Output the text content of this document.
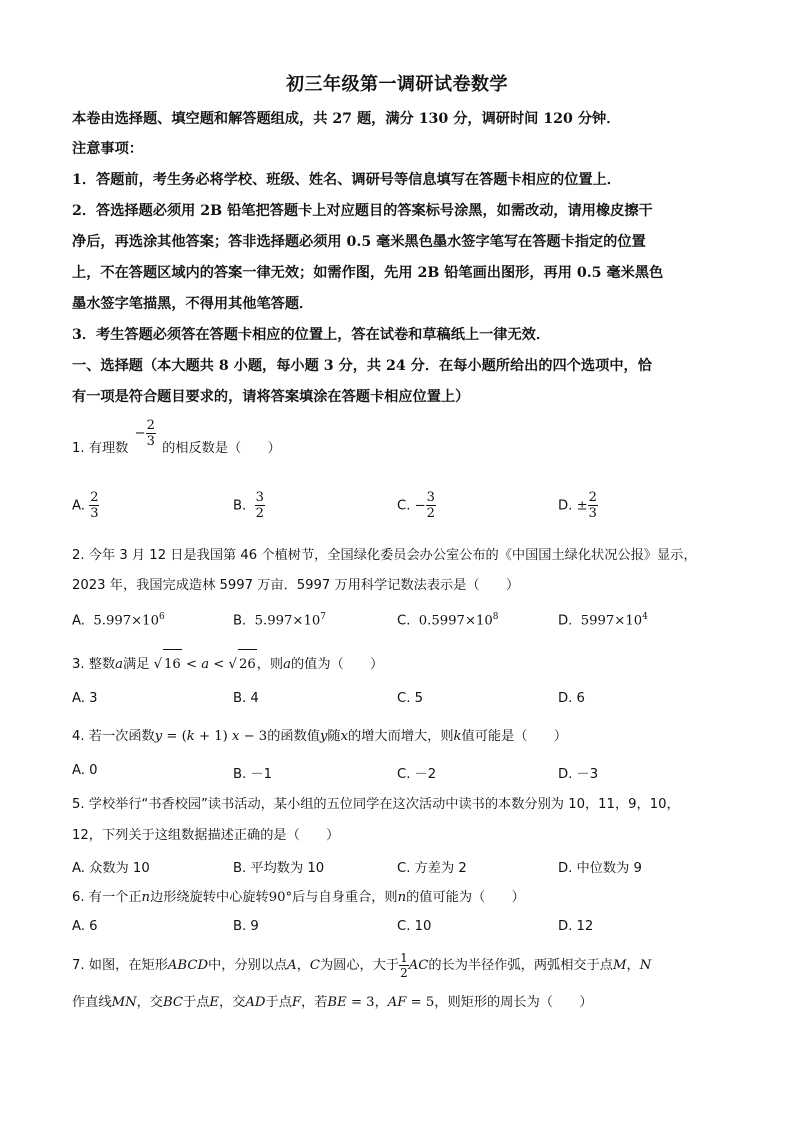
初三年级第一调研试卷数学
本卷由选择题、填空题和解答题组成，共 27 题，满分 130 分，调研时间 120 分钟．
注意事项：
1．答题前，考生务必将学校、班级、姓名、调研号等信息填写在答题卡相应的位置上．
2．答选择题必须用 2B 铅笔把答题卡上对应题目的答案标号涂黑，如需改动，请用橡皮擦干
净后，再选涂其他答案；答非选择题必须用 0.5 毫米黑色墨水签字笔写在答题卡指定的位置
上，不在答题区域内的答案一律无效；如需作图，先用 2B 铅笔画出图形，再用 0.5 毫米黑色
墨水签字笔描黑，不得用其他笔答题．
3．考生答题必须答在答题卡相应的位置上，答在试卷和草稿纸上一律无效．
一、选择题（本大题共 8 小题，每小题 3 分，共 24 分．在每小题所给出的四个选项中，恰
有一项是符合题目要求的，请将答案填涂在答题卡相应位置上）
1. 有理数 − $\frac{2}{3}$ 的相反数是（　　）
A. $\frac{2}{3}$	B. $\frac{3}{2}$	C. − $\frac{3}{2}$	D. ± $\frac{2}{3}$
2. 今年 3 月 12 日是我国第 46 个植树节，全国绿化委员会办公室公布的《中国国土绿化状况公报》显示，
2023 年，我国完成造林 5997 万亩．5997 万用科学记数法表示是（　　）
A. $5.997\times 10^6$	B. $5.997\times 10^7$	C. $0.5997\times 10^8$	D. $5997\times 10^4$
3. 整数a满足 √ 16 < a < √ 26，则a的值为（　　）
A. 3	B. 4	C. 5	D. 6
4. 若一次函数y = (k + 1) x − 3的函数值y随x的增大而增大，则k值可能是（　　）
A. 0	B. －1	C. －2	D. －3
5. 学校举行“书香校园”读书活动，某小组的五位同学在这次活动中读书的本数分别为 10，11，9，10，
12，下列关于这组数据描述正确的是（　　）
A. 众数为 10	B. 平均数为 10	C. 方差为 2	D. 中位数为 9
6. 有一个正n边形绕旋转中心旋转90°后与自身重合，则n的值可能为（　　）
A. 6	B. 9	C. 10	D. 12
7. 如图，在矩形ABCD中，分别以点A，C为圆心，大于 $\frac{1}{2}$ AC的长为半径作弧，两弧相交于点M，N
作直线MN，交BC于点E，交AD于点F，若BE = 3，AF = 5，则矩形的周长为（　　）
